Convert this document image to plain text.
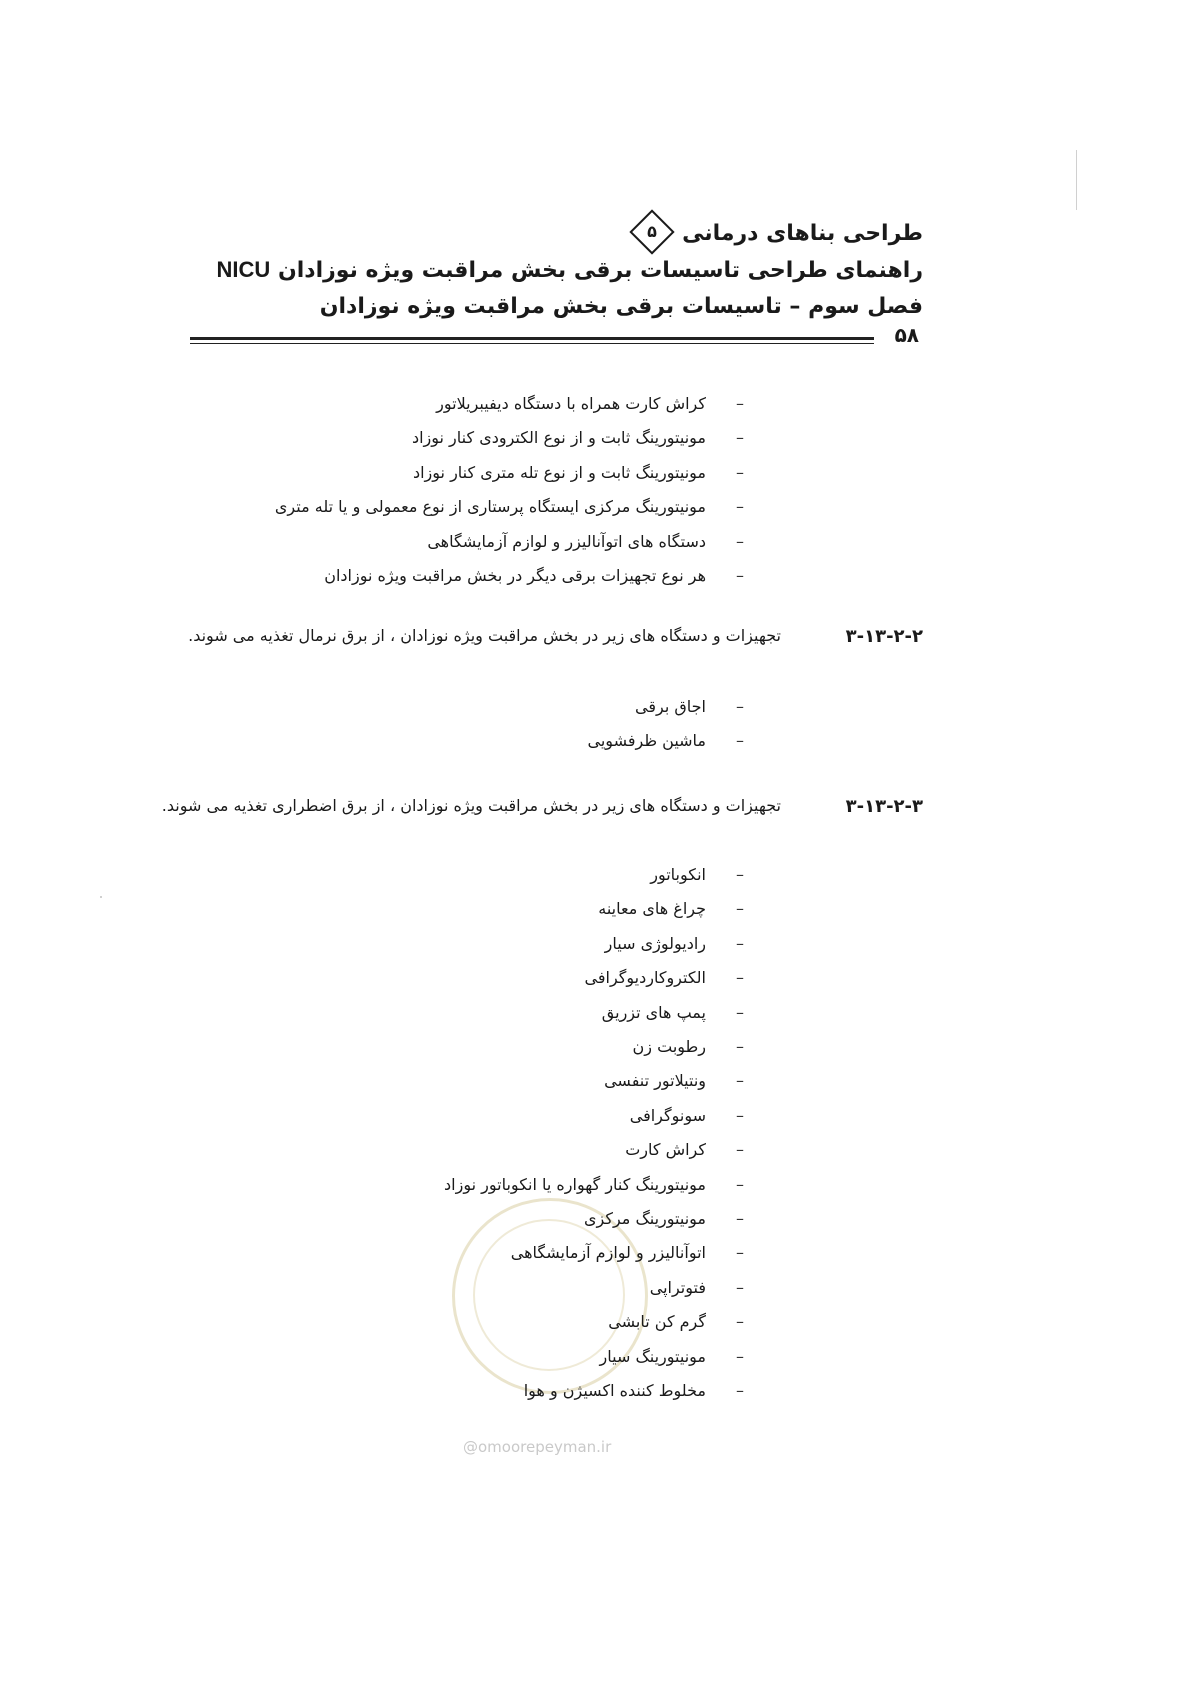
طراحی بناهای درمانی
۵
راهنمای طراحی تاسیسات برقی بخش مراقبت ویژه نوزادان NICU
فصل سوم – تاسیسات برقی بخش مراقبت ویژه نوزادان
۵۸
–
کراش کارت همراه با دستگاه دیفیبریلاتور
–
مونیتورینگ ثابت و از نوع الکترودی کنار نوزاد
–
مونیتورینگ ثابت و از نوع تله متری کنار نوزاد
–
مونیتورینگ مرکزی ایستگاه پرستاری از نوع معمولی و یا تله متری
–
دستگاه های اتوآنالیزر و لوازم آزمایشگاهی
–
هر نوع تجهیزات برقی دیگر در بخش مراقبت ویژه نوزادان
۳-۱۳-۲-۲
تجهیزات و دستگاه های زیر در بخش مراقبت ویژه نوزادان ، از برق نرمال تغذیه می شوند.
–
اجاق برقی
–
ماشین ظرفشویی
۳-۱۳-۲-۳
تجهیزات و دستگاه های زیر در بخش مراقبت ویژه نوزادان ، از برق اضطراری تغذیه می شوند.
–
انکوباتور
–
چراغ های معاینه
–
رادیولوژی سیار
–
الکتروکاردیوگرافی
–
پمپ های تزریق
–
رطوبت زن
–
ونتیلاتور تنفسی
–
سونوگرافی
–
کراش کارت
–
مونیتورینگ کنار گهواره یا انکوباتور نوزاد
–
مونیتورینگ مرکزی
–
اتوآنالیزر و لوازم آزمایشگاهی
–
فتوتراپی
–
گرم کن تابشی
–
مونیتورینگ سیار
–
مخلوط کننده اکسیژن و هوا
@omoorepeyman.ir
